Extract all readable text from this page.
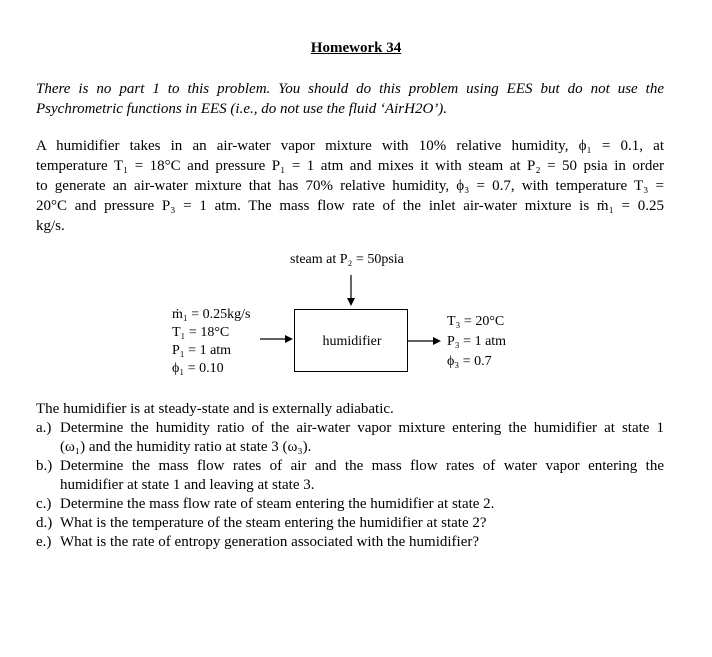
Homework 34
There is no part 1 to this problem. You should do this problem using EES but do not use the
Psychrometric functions in EES (i.e., do not use the fluid ‘AirH2O’).
A humidifier takes in an air-water vapor mixture with 10% relative humidity, ϕ₁ = 0.1, at
temperature T₁ = 18°C and pressure P₁ = 1 atm and mixes it with steam at P₂ = 50 psia in order
to generate an air-water mixture that has 70% relative humidity, ϕ₃ = 0.7, with temperature T₃ =
20°C and pressure P₃ = 1 atm. The mass flow rate of the inlet air-water mixture is ṁ₁ = 0.25
kg/s.
steam at P₂ = 50psia
humidifier
ṁ₁ = 0.25kg/s
T₁ = 18°C
P₁ = 1 atm
ϕ₁ = 0.10
T₃ = 20°C
P₃ = 1 atm
ϕ₃ = 0.7
The humidifier is at steady-state and is externally adiabatic.
a.) Determine the humidity ratio of the air-water vapor mixture entering the humidifier at state 1
(ω₁) and the humidity ratio at state 3 (ω₃).
b.) Determine the mass flow rates of air and the mass flow rates of water vapor entering the
humidifier at state 1 and leaving at state 3.
c.) Determine the mass flow rate of steam entering the humidifier at state 2.
d.) What is the temperature of the steam entering the humidifier at state 2?
e.) What is the rate of entropy generation associated with the humidifier?
